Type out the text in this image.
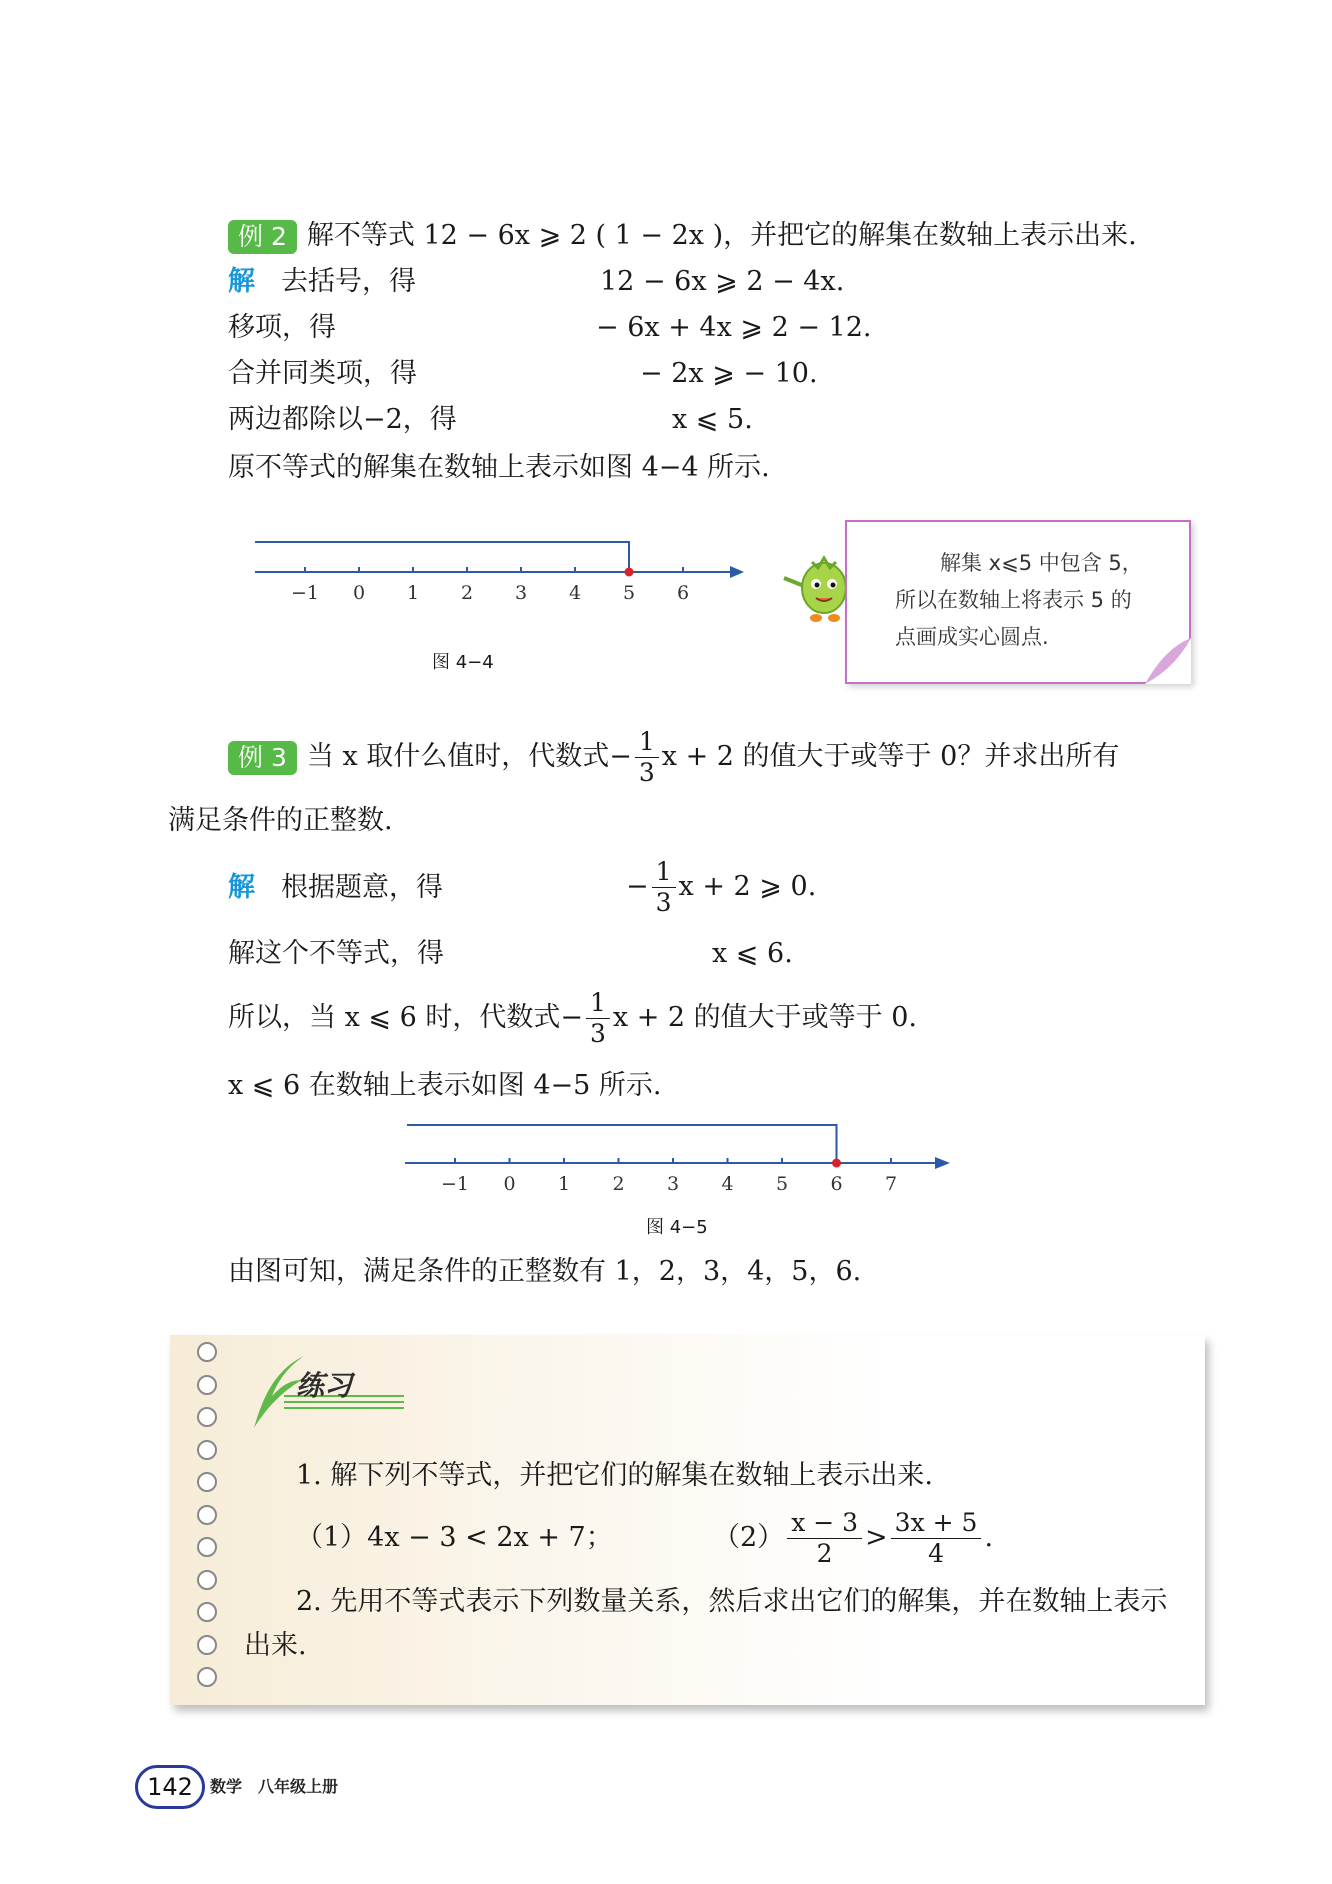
例 2 解不等式 12 − 6x ⩾ 2 ( 1 − 2x )，并把它的解集在数轴上表示出来.
解 去括号，得	12 − 6x ⩾ 2 − 4x.
移项，得	− 6x + 4x ⩾ 2 − 12.
合并同类项，得	− 2x ⩾ − 10.
两边都除以−2，得	x ⩽ 5.
原不等式的解集在数轴上表示如图 4−4 所示.
−1 0 1 2 3 4 5 6
图 4−4
解集 x⩽5 中包含 5，
所以在数轴上将表示 5 的
点画成实心圆点.
例 3 当 x 取什么值时，代数式− $\frac{1}{3}$ x + 2 的值大于或等于 0？并求出所有
满足条件的正整数.
解 根据题意，得	− $\frac{1}{3}$ x + 2 ⩾ 0.
解这个不等式，得	x ⩽ 6.
所以，当 x ⩽ 6 时，代数式− $\frac{1}{3}$ x + 2 的值大于或等于 0.
x ⩽ 6 在数轴上表示如图 4−5 所示.
−1 0 1 2 3 4 5 6 7
图 4−5
由图可知，满足条件的正整数有 1，2，3，4，5，6.
练习
1. 解下列不等式，并把它们的解集在数轴上表示出来.
（1）4x − 3 < 2x + 7；	$(2) \frac{x - 3}{2} > \frac{3x + 5}{4}$ .
2. 先用不等式表示下列数量关系，然后求出它们的解集，并在数轴上表示
出来.
142	数学　八年级上册
